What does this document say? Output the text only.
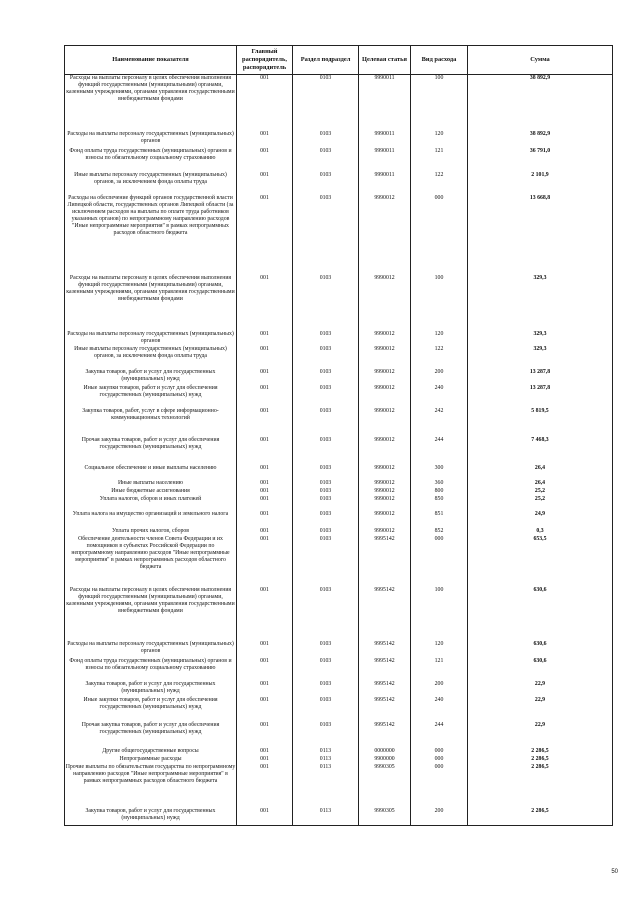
Наименование показателя	Главный распорядитель, распорядитель	Раздел подраздел	Целевая статья	Вид расхода	Сумма
Расходы на выплаты персоналу в целях обеспечения выполнения функций государственными (муниципальными) органами, казенными учреждениями, органами управления государственными внебюджетными фондами	001	0103	9990011	100	38 892,9
Расходы на выплаты персоналу государственных (муниципальных) органов	001	0103	9990011	120	38 892,9
Фонд оплаты труда государственных (муниципальных) органов и взносы по обязательному социальному страхованию	001	0103	9990011	121	36 791,0
Иные выплаты персоналу государственных (муниципальных) органов, за исключением фонда оплаты труда	001	0103	9990011	122	2 101,9
Расходы на обеспечение функций органов государственной власти Липецкой области, государственных органов Липецкой области (за исключением расходов на выплаты по оплате труда работников указанных органов) по непрограммному направлению расходов "Иные непрограммные мероприятия" в рамках непрограммных расходов областного бюджета	001	0103	9990012	000	13 668,8
Расходы на выплаты персоналу в целях обеспечения выполнения функций государственными (муниципальными) органами, казенными учреждениями, органами управления государственными внебюджетными фондами	001	0103	9990012	100	329,3
Расходы на выплаты персоналу государственных (муниципальных) органов	001	0103	9990012	120	329,3
Иные выплаты персоналу государственных (муниципальных) органов, за исключением фонда оплаты труда	001	0103	9990012	122	329,3
Закупка товаров, работ и услуг для государственных (муниципальных) нужд	001	0103	9990012	200	13 287,8
Иные закупки товаров, работ и услуг для обеспечения государственных (муниципальных) нужд	001	0103	9990012	240	13 287,8
Закупка товаров, работ, услуг в сфере информационно-коммуникационных технологий	001	0103	9990012	242	5 819,5
Прочая закупка товаров, работ и услуг для обеспечения государственных (муниципальных) нужд	001	0103	9990012	244	7 468,3
Социальное обеспечение и иные выплаты населению	001	0103	9990012	300	26,4
Иные выплаты населению	001	0103	9990012	360	26,4
Иные бюджетные ассигнования	001	0103	9990012	800	25,2
Уплата налогов, сборов и иных платежей	001	0103	9990012	850	25,2
Уплата налога на имущество организаций и земельного налога	001	0103	9990012	851	24,9
Уплата прочих налогов, сборов	001	0103	9990012	852	0,3
Обеспечение деятельности членов Совета Федерации и их помощников в субъектах Российской Федерации по непрограммному направлению расходов "Иные непрограммные мероприятия" в рамках непрограммных расходов областного бюджета	001	0103	9995142	000	653,5
Расходы на выплаты персоналу в целях обеспечения выполнения функций государственными (муниципальными) органами, казенными учреждениями, органами управления государственными внебюджетными фондами	001	0103	9995142	100	630,6
Расходы на выплаты персоналу государственных (муниципальных) органов	001	0103	9995142	120	630,6
Фонд оплаты труда государственных (муниципальных) органов и взносы по обязательному социальному страхованию	001	0103	9995142	121	630,6
Закупка товаров, работ и услуг для государственных (муниципальных) нужд	001	0103	9995142	200	22,9
Иные закупки товаров, работ и услуг для обеспечения государственных (муниципальных) нужд	001	0103	9995142	240	22,9
Прочая закупка товаров, работ и услуг для обеспечения государственных (муниципальных) нужд	001	0103	9995142	244	22,9
Другие общегосударственные вопросы	001	0113	0000000	000	2 286,5
Непрограммные расходы	001	0113	9900000	000	2 286,5
Прочие выплаты по обязательствам государства по непрограммному направлению расходов "Иные непрограммные мероприятия" в рамках непрограммных расходов областного бюджета	001	0113	9990305	000	2 286,5
Закупка товаров, работ и услуг для государственных (муниципальных) нужд	001	0113	9990305	200	2 286,5
50
